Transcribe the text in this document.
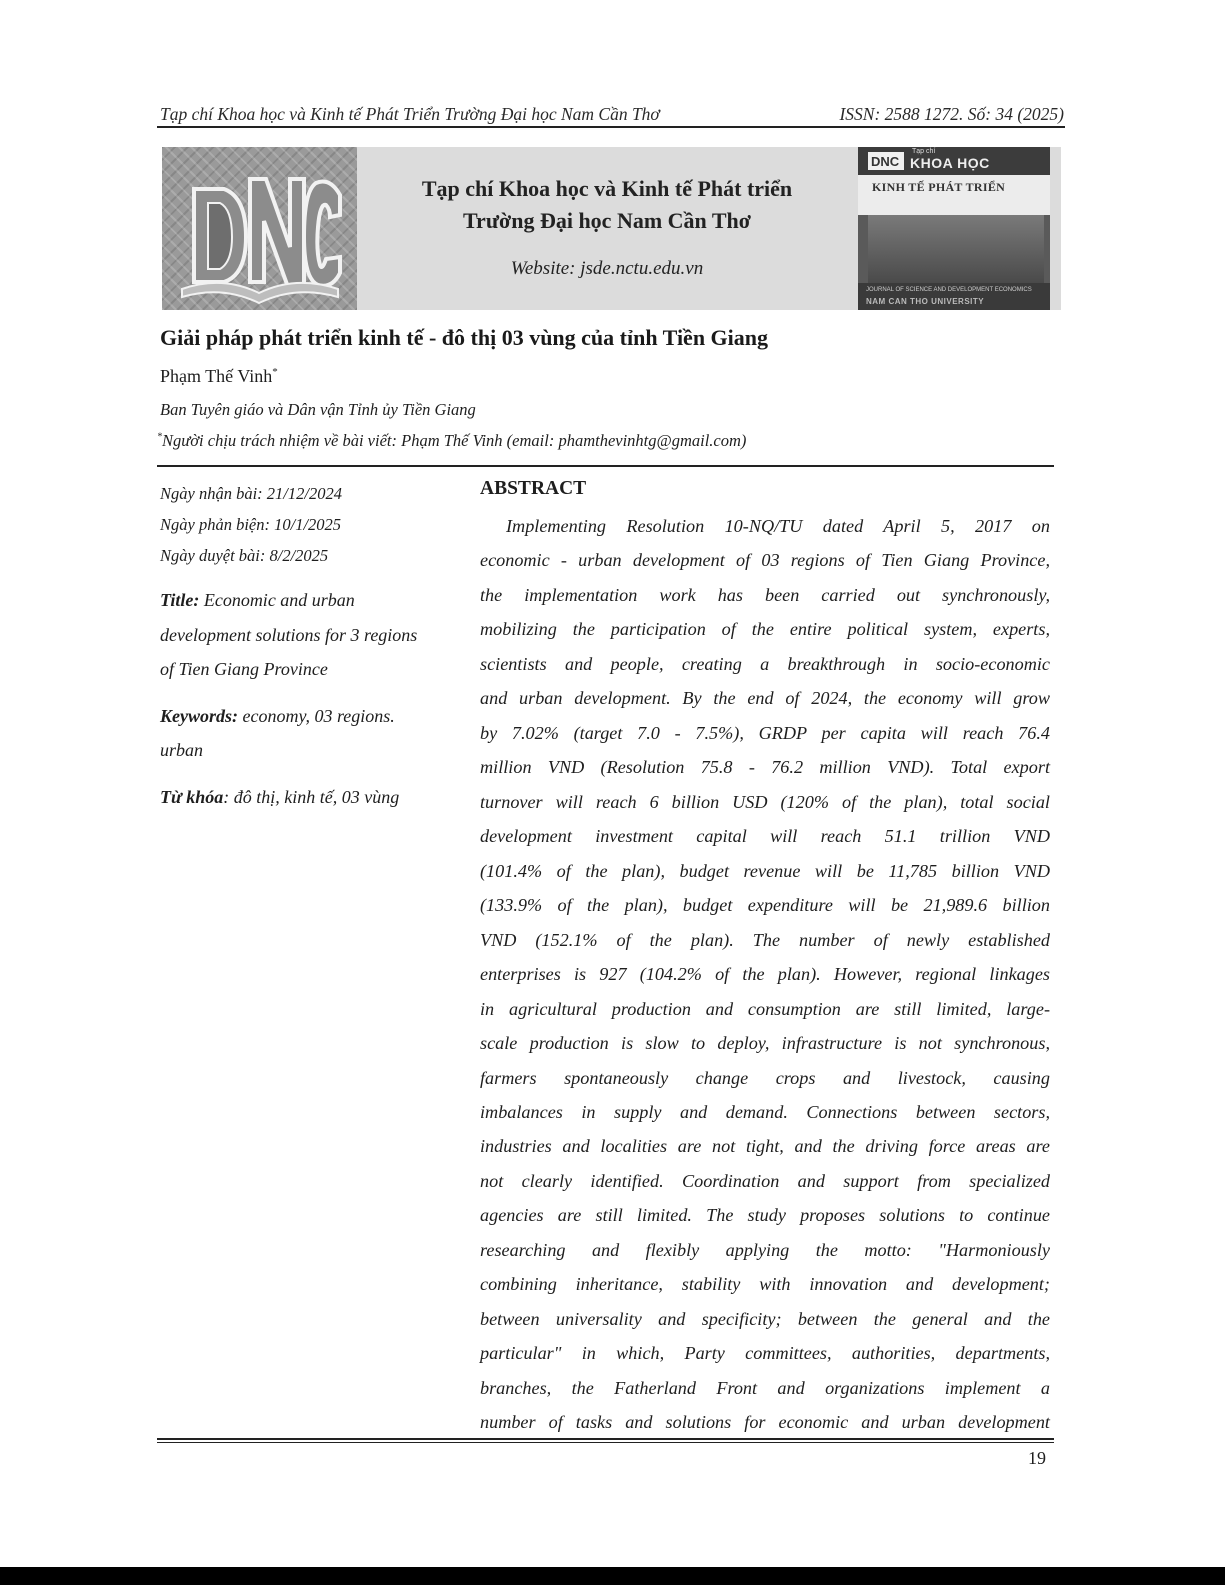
Tạp chí Khoa học và Kinh tế Phát Triển Trường Đại học Nam Cần Thơ	ISSN: 2588 1272. Số: 34 (2025)
Tạp chí Khoa học và Kinh tế Phát triển
Trường Đại học Nam Cần Thơ
Website: jsde.nctu.edu.vn
DNC
Tạp chí
KHOA HỌC
KINH TẾ PHÁT TRIỂN
JOURNAL OF SCIENCE AND DEVELOPMENT ECONOMICS
NAM CAN THO UNIVERSITY
Giải pháp phát triển kinh tế - đô thị 03 vùng của tỉnh Tiền Giang
Phạm Thế Vinh*
Ban Tuyên giáo và Dân vận Tỉnh ủy Tiền Giang
*Người chịu trách nhiệm về bài viết: Phạm Thế Vinh (email: phamthevinhtg@gmail.com)
Ngày nhận bài: 21/12/2024
Ngày phản biện: 10/1/2025
Ngày duyệt bài: 8/2/2025
Title: Economic and urban development solutions for 3 regions of Tien Giang Province
Keywords: economy, 03 regions. urban
Từ khóa: đô thị, kinh tế, 03 vùng
ABSTRACT
Implementing Resolution 10-NQ/TU dated April 5, 2017 on
economic - urban development of 03 regions of Tien Giang Province,
the implementation work has been carried out synchronously,
mobilizing the participation of the entire political system, experts,
scientists and people, creating a breakthrough in socio-economic
and urban development. By the end of 2024, the economy will grow
by 7.02% (target 7.0 - 7.5%), GRDP per capita will reach 76.4
million VND (Resolution 75.8 - 76.2 million VND). Total export
turnover will reach 6 billion USD (120% of the plan), total social
development investment capital will reach 51.1 trillion VND
(101.4% of the plan), budget revenue will be 11,785 billion VND
(133.9% of the plan), budget expenditure will be 21,989.6 billion
VND (152.1% of the plan). The number of newly established
enterprises is 927 (104.2% of the plan). However, regional linkages
in agricultural production and consumption are still limited, large-
scale production is slow to deploy, infrastructure is not synchronous,
farmers spontaneously change crops and livestock, causing
imbalances in supply and demand. Connections between sectors,
industries and localities are not tight, and the driving force areas are
not clearly identified. Coordination and support from specialized
agencies are still limited. The study proposes solutions to continue
researching and flexibly applying the motto: "Harmoniously
combining inheritance, stability with innovation and development;
between universality and specificity; between the general and the
particular" in which, Party committees, authorities, departments,
branches, the Fatherland Front and organizations implement a
number of tasks and solutions for economic and urban development
19
